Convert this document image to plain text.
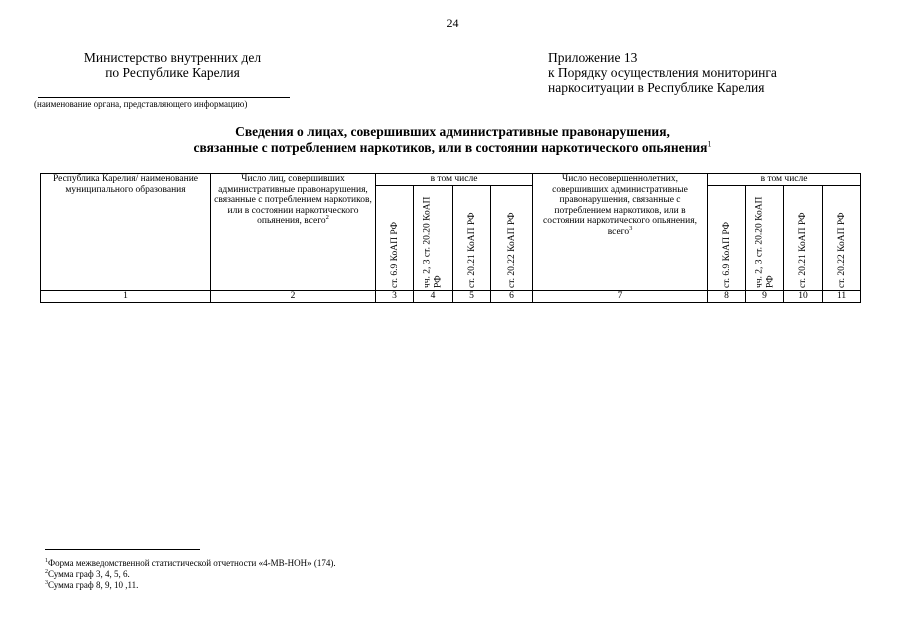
24
Министерство внутренних дел
по Республике Карелия
(наименование органа, представляющего информацию)
Приложение 13
к Порядку осуществления мониторинга
наркоситуации в Республике Карелия
Сведения о лицах, совершивших административные правонарушения,
связанные с потреблением наркотиков, или в состоянии наркотического опьянения$^1$
Республика Карелия/ наименование муниципального образования	Число лиц, совершивших административные правонарушения, связанные с потреблением наркотиков, или в состоянии наркотического опьянения, всего$^2$	в том числе				Число несовершеннолетних, совершивших административные правонарушения, связанные с потреблением наркотиков, или в состоянии наркотического опьянения, всего$^3$	в том числе			

		ст. 6.9 КоАП РФ	чч. 2, 3 ст. 20.20 КоАП РФ	ст. 20.21 КоАП РФ	ст. 20.22 КоАП РФ		ст. 6.9 КоАП РФ	чч. 2, 3 ст. 20.20 КоАП РФ	ст. 20.21 КоАП РФ	ст. 20.22 КоАП РФ

1	2	3	4	5	6	7	8	9	10	11
$^1$Форма межведомственной статистической отчетности «4-МВ-НОН» (174).
$^2$Сумма граф 3, 4, 5, 6.
$^3$Сумма граф 8, 9, 10 ,11.
